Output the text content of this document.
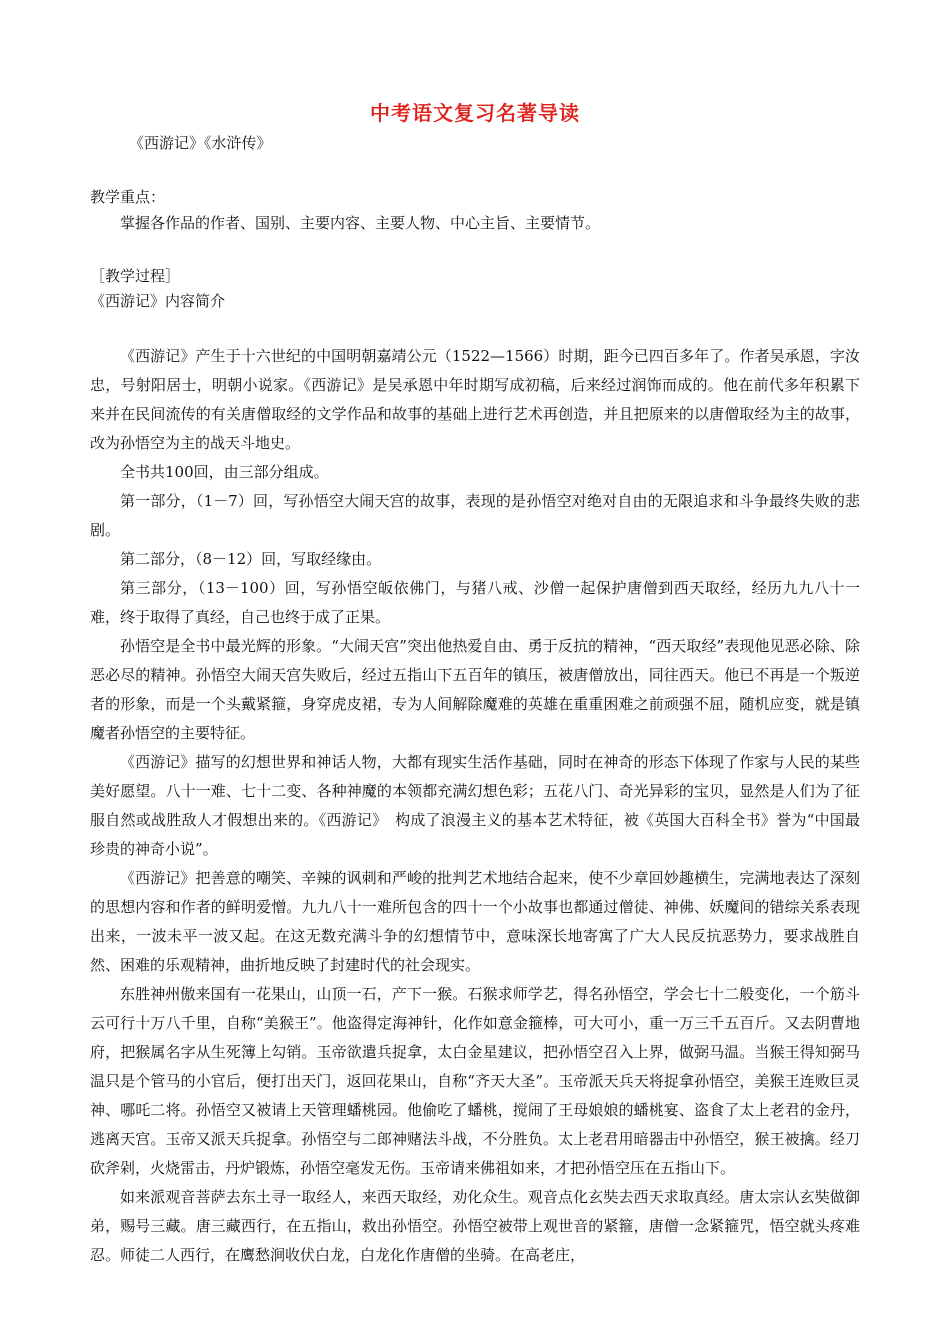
中考语文复习名著导读
《西游记》《水浒传》
教学重点：
掌握各作品的作者、国别、主要内容、主要人物、中心主旨、主要情节。
［教学过程］
《西游记》内容简介

《西游记》产生于十六世纪的中国明朝嘉靖公元（1522—1566）时期，距今已四百多年了。作者吴承恩，字汝忠，号射阳居士，明朝小说家。《西游记》是吴承恩中年时期写成初稿，后来经过润饰而成的。他在前代多年积累下来并在民间流传的有关唐僧取经的文学作品和故事的基础上进行艺术再创造，并且把原来的以唐僧取经为主的故事，改为孙悟空为主的战天斗地史。

全书共100回，由三部分组成。

第一部分，（1－7）回，写孙悟空大闹天宫的故事，表现的是孙悟空对绝对自由的无限追求和斗争最终失败的悲剧。

第二部分，（8－12）回，写取经缘由。

第三部分，（13－100）回，写孙悟空皈依佛门，与猪八戒、沙僧一起保护唐僧到西天取经，经历九九八十一难，终于取得了真经，自己也终于成了正果。

孙悟空是全书中最光辉的形象。“大闹天宫”突出他热爱自由、勇于反抗的精神，“西天取经”表现他见恶必除、除恶必尽的精神。孙悟空大闹天宫失败后，经过五指山下五百年的镇压，被唐僧放出，同往西天。他已不再是一个叛逆者的形象，而是一个头戴紧箍，身穿虎皮裙，专为人间解除魔难的英雄在重重困难之前顽强不屈，随机应变，就是镇魔者孙悟空的主要特征。

《西游记》描写的幻想世界和神话人物，大都有现实生活作基础，同时在神奇的形态下体现了作家与人民的某些美好愿望。八十一难、七十二变、各种神魔的本领都充满幻想色彩；五花八门、奇光异彩的宝贝，显然是人们为了征服自然或战胜敌人才假想出来的。《西游记》　构成了浪漫主义的基本艺术特征，被《英国大百科全书》誉为“中国最珍贵的神奇小说”。

《西游记》把善意的嘲笑、辛辣的讽刺和严峻的批判艺术地结合起来，使不少章回妙趣横生，完满地表达了深刻的思想内容和作者的鲜明爱憎。九九八十一难所包含的四十一个小故事也都通过僧徒、神佛、妖魔间的错综关系表现出来，一波未平一波又起。在这无数充满斗争的幻想情节中，意味深长地寄寓了广大人民反抗恶势力，要求战胜自然、困难的乐观精神，曲折地反映了封建时代的社会现实。

东胜神州傲来国有一花果山，山顶一石，产下一猴。石猴求师学艺，得名孙悟空，学会七十二般变化，一个筋斗云可行十万八千里，自称“美猴王”。他盗得定海神针，化作如意金箍棒，可大可小，重一万三千五百斤。又去阴曹地府，把猴属名字从生死簿上勾销。玉帝欲遣兵捉拿，太白金星建议，把孙悟空召入上界，做弼马温。当猴王得知弼马温只是个管马的小官后，便打出天门，返回花果山，自称“齐天大圣”。玉帝派天兵天将捉拿孙悟空，美猴王连败巨灵神、哪吒二将。孙悟空又被请上天管理蟠桃园。他偷吃了蟠桃，搅闹了王母娘娘的蟠桃宴、盗食了太上老君的金丹，逃离天宫。玉帝又派天兵捉拿。孙悟空与二郎神赌法斗战，不分胜负。太上老君用暗器击中孙悟空，猴王被擒。经刀砍斧剁，火烧雷击，丹炉锻炼，孙悟空毫发无伤。玉帝请来佛祖如来，才把孙悟空压在五指山下。

如来派观音菩萨去东土寻一取经人，来西天取经，劝化众生。观音点化玄奘去西天求取真经。唐太宗认玄奘做御弟，赐号三藏。唐三藏西行，在五指山，救出孙悟空。孙悟空被带上观世音的紧箍，唐僧一念紧箍咒，悟空就头疼难忍。师徒二人西行，在鹰愁涧收伏白龙，白龙化作唐僧的坐骑。在高老庄，
